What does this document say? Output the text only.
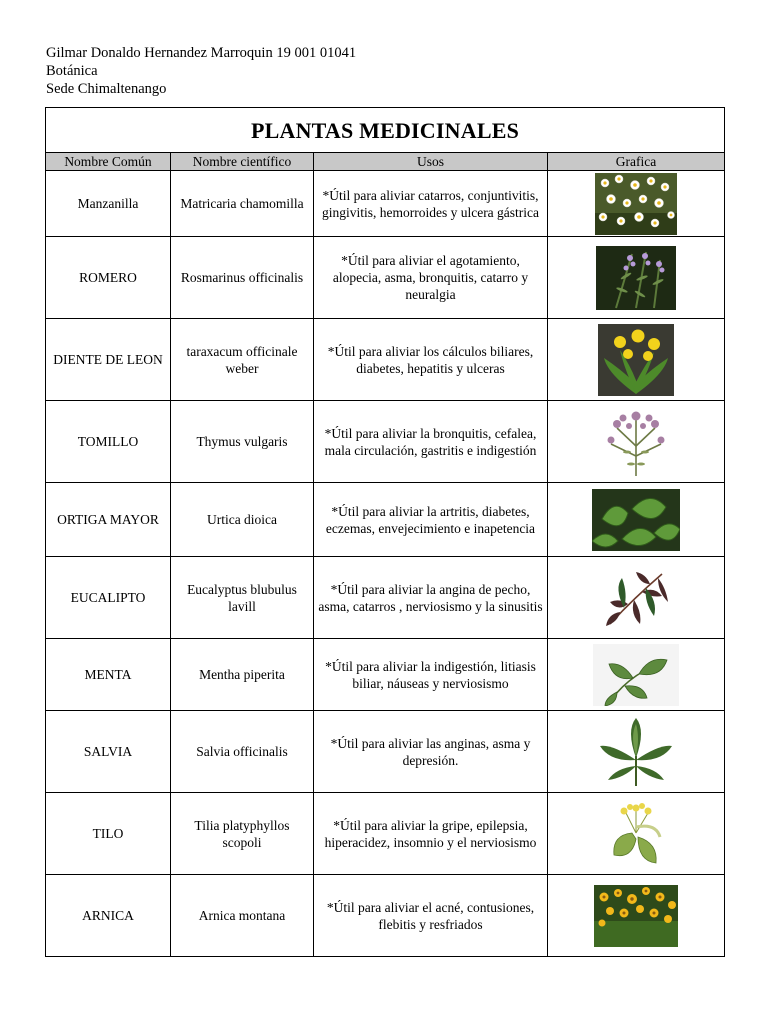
Gilmar Donaldo Hernandez Marroquin 19 001 01041
Botánica
Sede Chimaltenango
PLANTAS MEDICINALES			
Nombre Común	Nombre científico	Usos	Grafica
Manzanilla	Matricaria chamomilla	*Útil para aliviar catarros, conjuntivitis, gingivitis, hemorroides y ulcera gástrica	

ROMERO	Rosmarinus officinalis	*Útil para aliviar el agotamiento, alopecia, asma, bronquitis, catarro y neuralgia	

DIENTE DE LEON	taraxacum officinale weber	*Útil para aliviar los cálculos biliares, diabetes, hepatitis y ulceras	

TOMILLO	Thymus vulgaris	*Útil para aliviar la bronquitis, cefalea, mala circulación, gastritis e indigestión	

ORTIGA MAYOR	Urtica dioica	*Útil para aliviar la artritis, diabetes, eczemas, envejecimiento e inapetencia	

EUCALIPTO	Eucalyptus blubulus lavill	*Útil para aliviar la angina de pecho, asma, catarros , nerviosismo y la sinusitis	

MENTA	Mentha piperita	*Útil para aliviar la indigestión, litiasis biliar, náuseas y nerviosismo	

SALVIA	Salvia officinalis	*Útil para aliviar las anginas, asma y depresión.	

TILO	Tilia platyphyllos scopoli	*Útil para aliviar la gripe, epilepsia, hiperacidez, insomnio y el nerviosismo	

ARNICA	Arnica montana	*Útil para aliviar el acné, contusiones, flebitis y resfriados	
